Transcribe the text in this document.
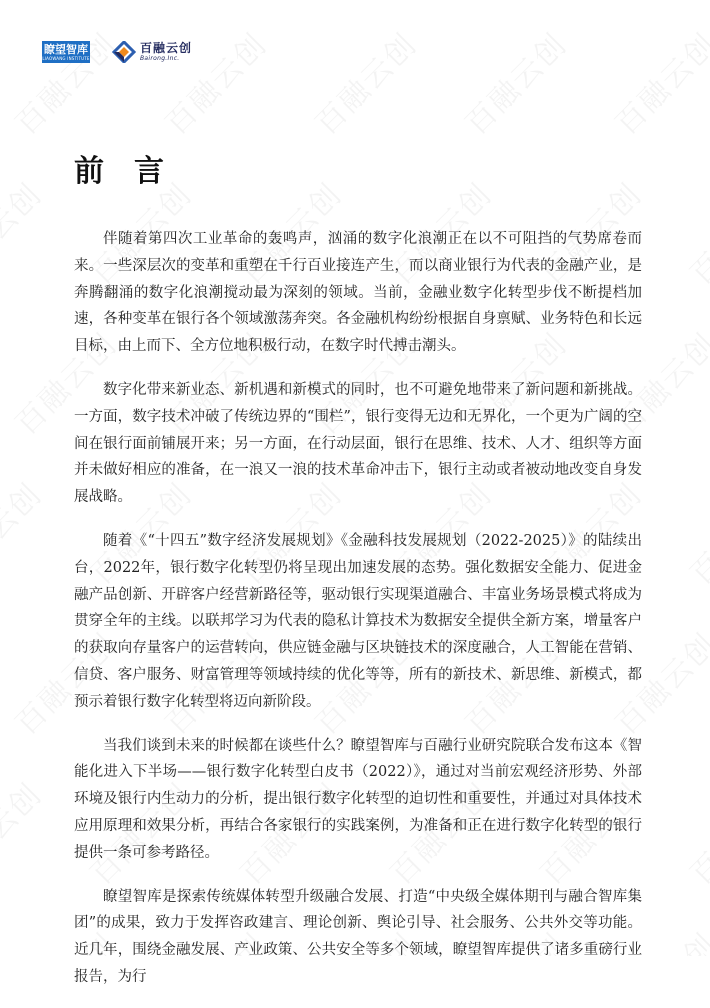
瞭望智库
LIAOWANG INSTITUTE
百融云创
Bairong.Inc.
前言

伴随着第四次工业革命的轰鸣声，汹涌的数字化浪潮正在以不可阻挡的气势席卷而来。一些深层次的变革和重塑在千行百业接连产生，而以商业银行为代表的金融产业，是奔腾翻涌的数字化浪潮搅动最为深刻的领域。当前，金融业数字化转型步伐不断提档加速，各种变革在银行各个领域激荡奔突。各金融机构纷纷根据自身禀赋、业务特色和长远目标，由上而下、全方位地积极行动，在数字时代搏击潮头。

数字化带来新业态、新机遇和新模式的同时，也不可避免地带来了新问题和新挑战。一方面，数字技术冲破了传统边界的“围栏”，银行变得无边和无界化，一个更为广阔的空间在银行面前铺展开来；另一方面，在行动层面，银行在思维、技术、人才、组织等方面并未做好相应的准备，在一浪又一浪的技术革命冲击下，银行主动或者被动地改变自身发展战略。

随着《“十四五”数字经济发展规划》《金融科技发展规划（2022-2025）》的陆续出台，2022年，银行数字化转型仍将呈现出加速发展的态势。强化数据安全能力、促进金融产品创新、开辟客户经营新路径等，驱动银行实现渠道融合、丰富业务场景模式将成为贯穿全年的主线。以联邦学习为代表的隐私计算技术为数据安全提供全新方案，增量客户的获取向存量客户的运营转向，供应链金融与区块链技术的深度融合，人工智能在营销、信贷、客户服务、财富管理等领域持续的优化等等，所有的新技术、新思维、新模式，都预示着银行数字化转型将迈向新阶段。

当我们谈到未来的时候都在谈些什么？瞭望智库与百融行业研究院联合发布这本《智能化进入下半场——银行数字化转型白皮书（2022）》，通过对当前宏观经济形势、外部环境及银行内生动力的分析，提出银行数字化转型的迫切性和重要性，并通过对具体技术应用原理和效果分析，再结合各家银行的实践案例，为准备和正在进行数字化转型的银行提供一条可参考路径。

瞭望智库是探索传统媒体转型升级融合发展、打造“中央级全媒体期刊与融合智库集团”的成果，致力于发挥咨政建言、理论创新、舆论引导、社会服务、公共外交等功能。近几年，围绕金融发展、产业政策、公共安全等多个领域，瞭望智库提供了诸多重磅行业报告，为行
